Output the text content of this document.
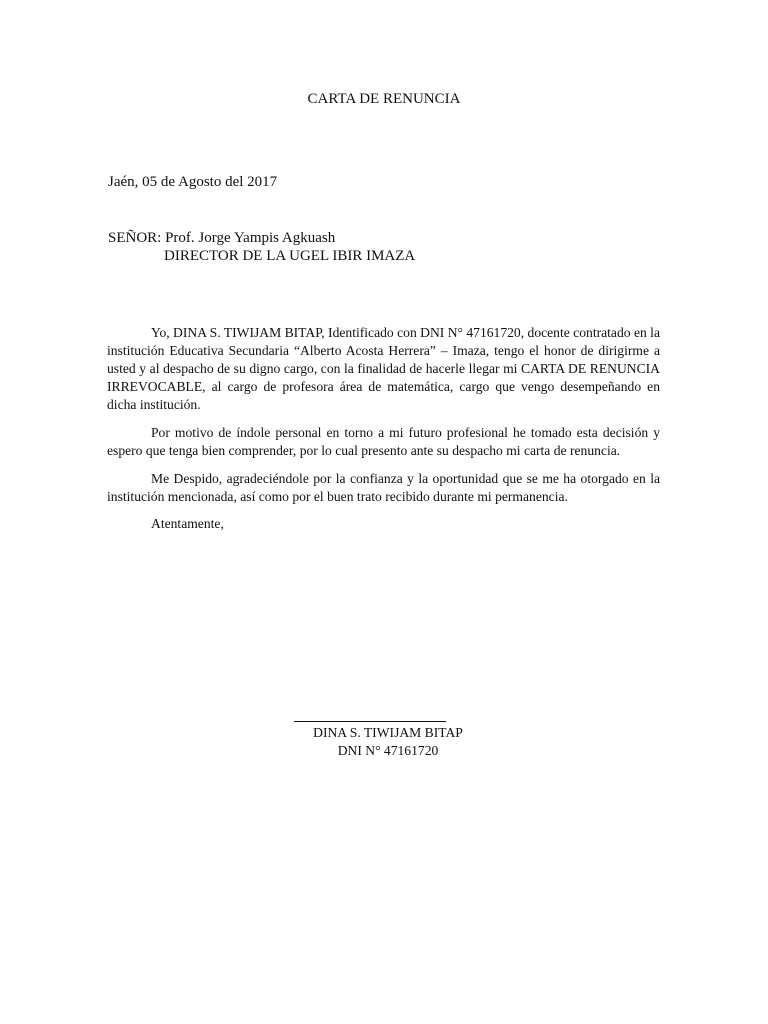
CARTA DE RENUNCIA
Jaén, 05 de Agosto del 2017
SEÑOR: Prof. Jorge Yampis Agkuash
DIRECTOR DE LA UGEL IBIR IMAZA

Yo, DINA S. TIWIJAM BITAP, Identificado con DNI N° 47161720, docente contratado en la institución Educativa Secundaria “Alberto Acosta Herrera” – Imaza, tengo el honor de dirigirme a usted y al despacho de su digno cargo, con la finalidad de hacerle llegar mi CARTA DE RENUNCIA IRREVOCABLE, al cargo de profesora área de matemática, cargo que vengo desempeñando en dicha institución.

Por motivo de índole personal en torno a mi futuro profesional he tomado esta decisión y espero que tenga bien comprender, por lo cual presento ante su despacho mi carta de renuncia.

Me Despido, agradeciéndole por la confianza y la oportunidad que se me ha otorgado en la institución mencionada, así como por el buen trato recibido durante mi permanencia.

Atentamente,
DINA S. TIWIJAM BITAP
DNI N° 47161720
